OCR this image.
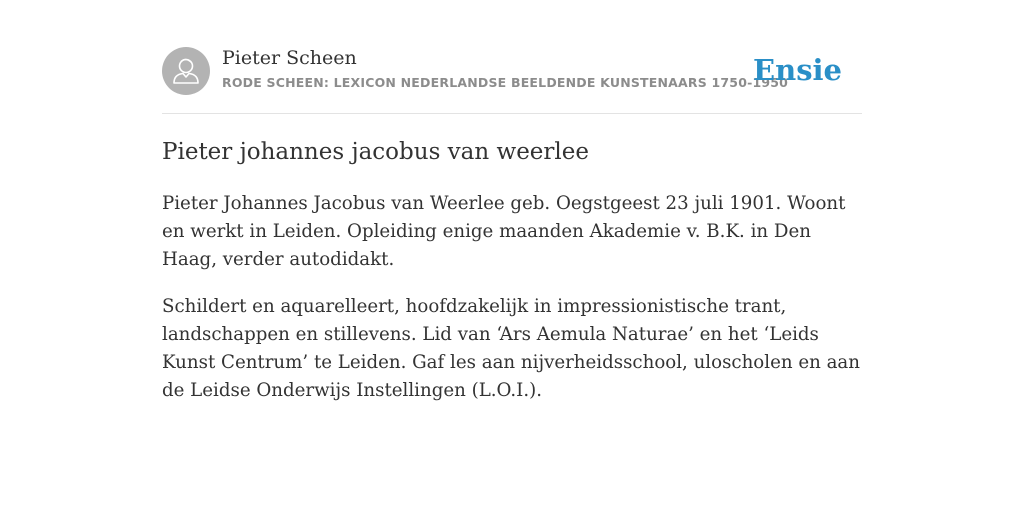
Pieter Scheen
RODE SCHEEN: LEXICON NEDERLANDSE BEELDENDE KUNSTENAARS 1750-1950
Ensie
Pieter johannes jacobus van weerlee

Pieter Johannes Jacobus van Weerlee geb. Oegstgeest 23 juli 1901. Woont en werkt in Leiden. Opleiding enige maanden Akademie v. B.K. in Den Haag, verder autodidakt.

Schildert en aquarelleert, hoofdzakelijk in impressionistische trant, landschappen en stillevens. Lid van ‘Ars Aemula Naturae’ en het ‘Leids Kunst Centrum’ te Leiden. Gaf les aan nijverheidsschool, uloscholen en aan de Leidse Onderwijs Instellingen (L.O.I.).
